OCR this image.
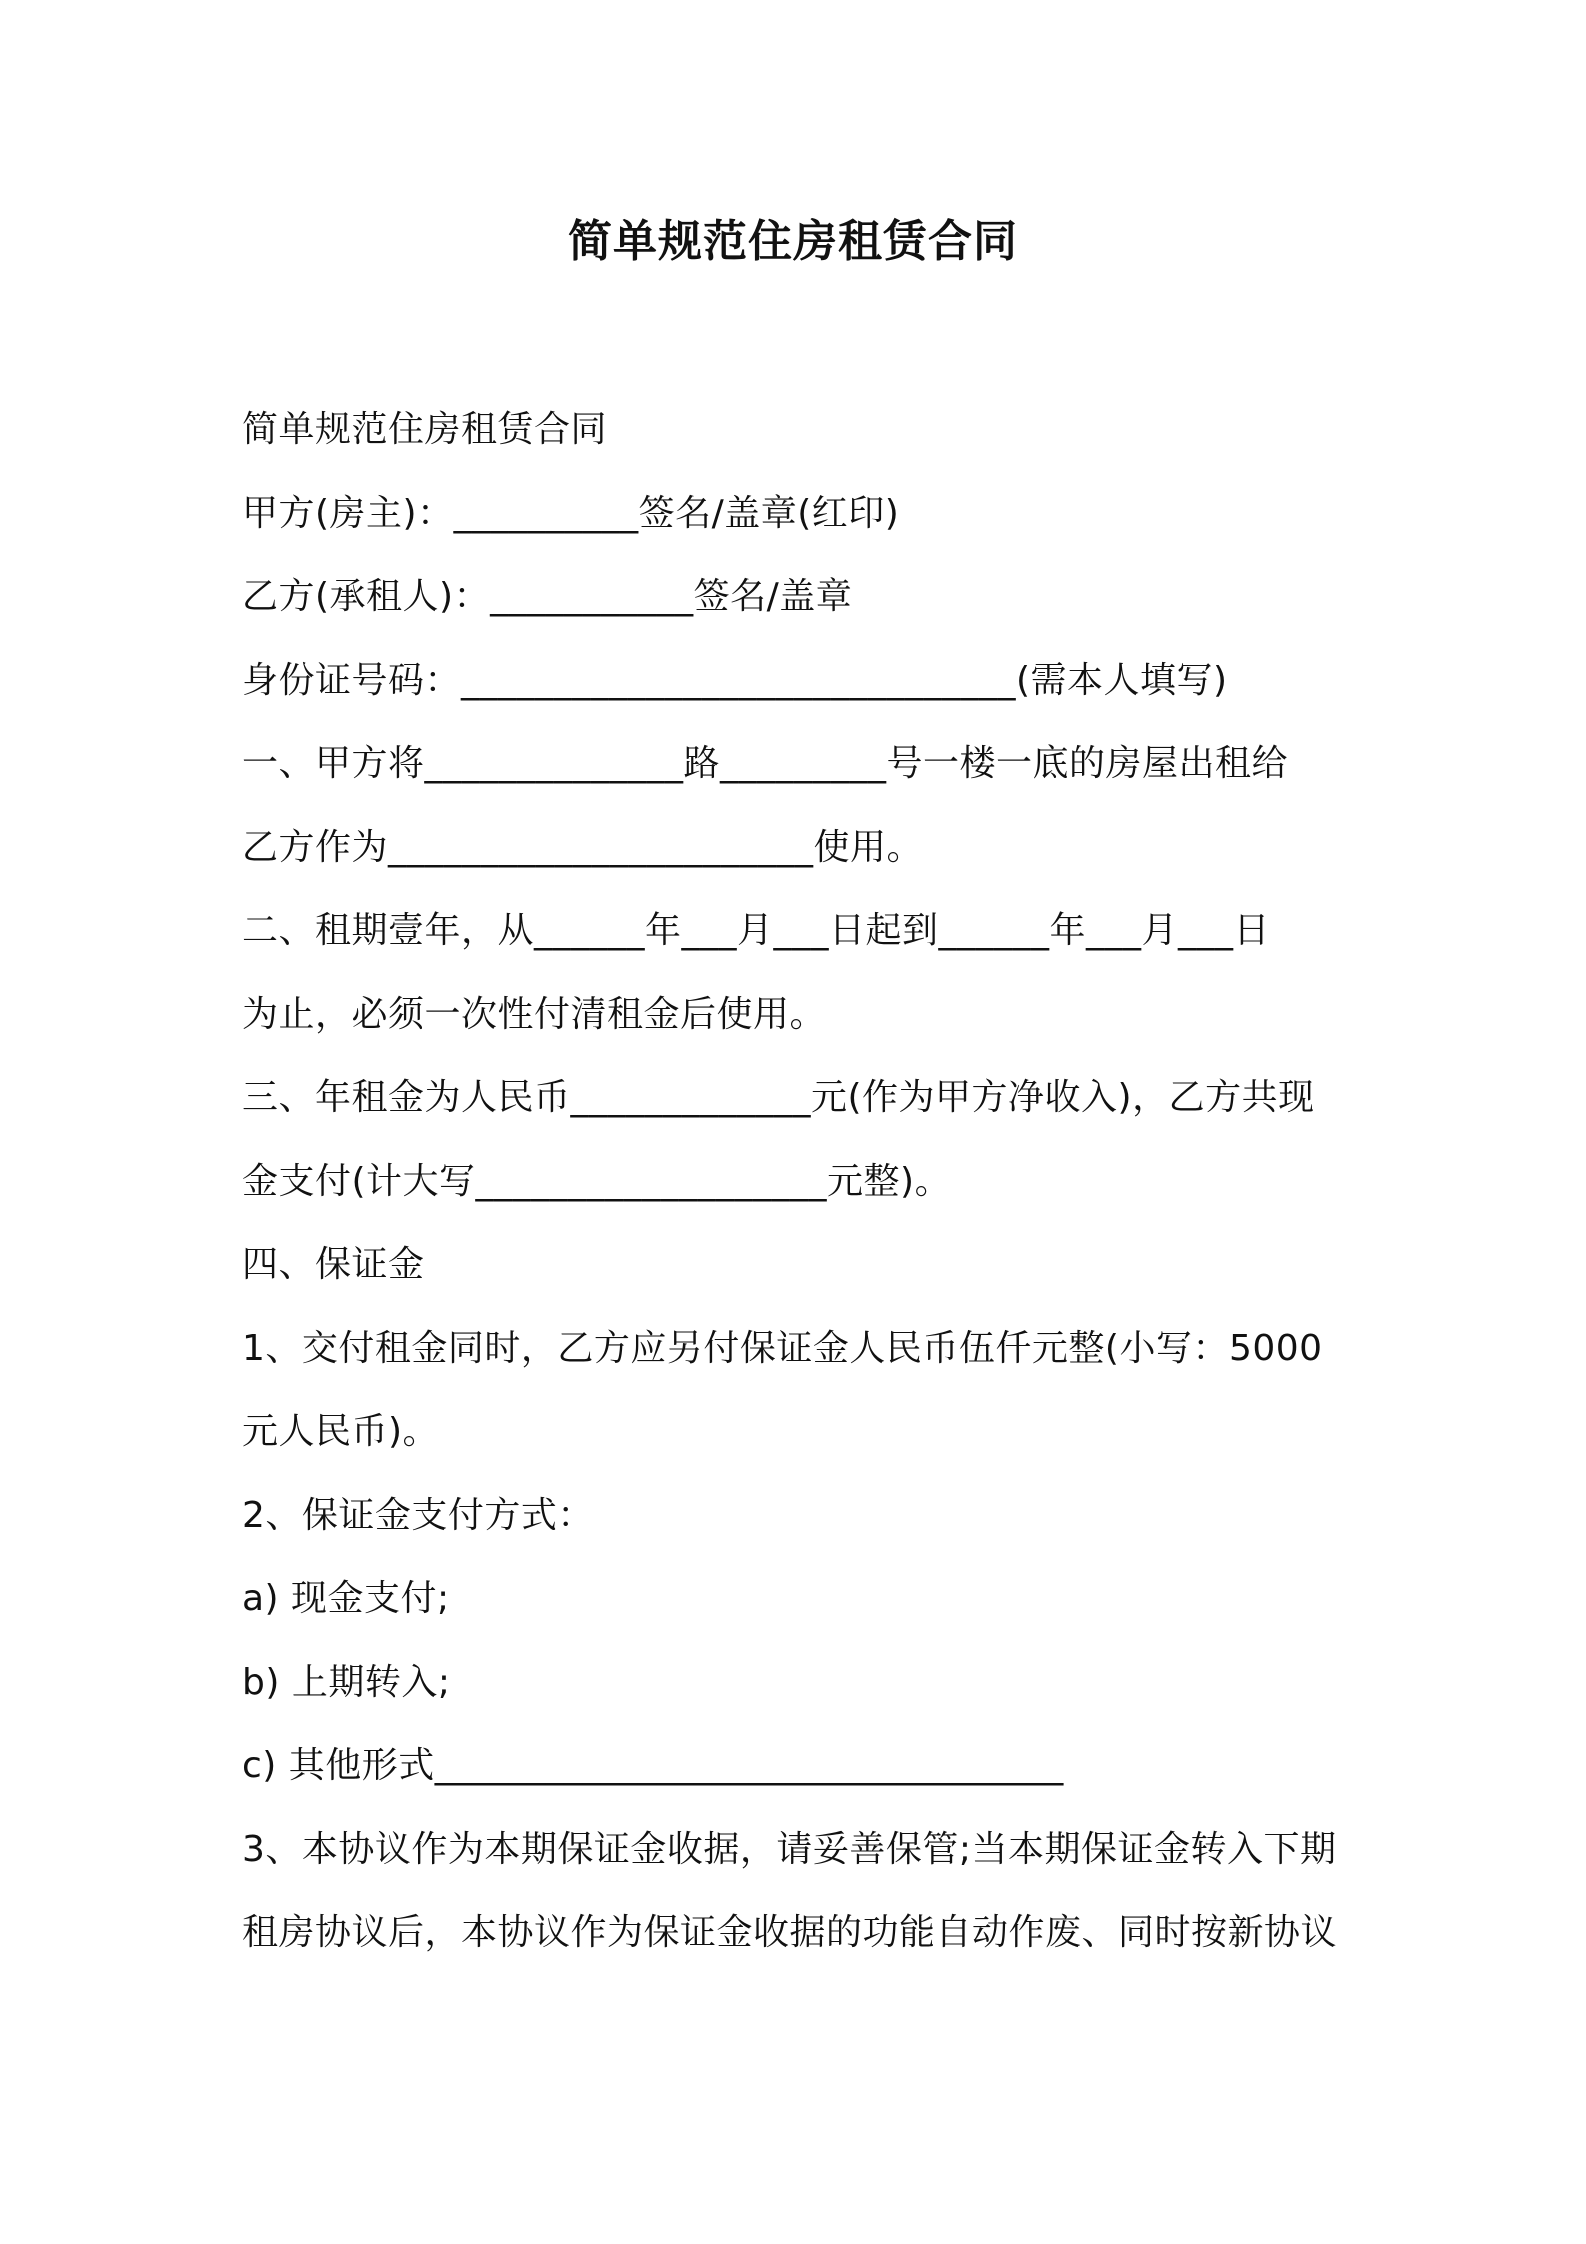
简单规范住房租赁合同
简单规范住房租赁合同
甲方(房主)：__________签名/盖章(红印)
乙方(承租人)：___________签名/盖章
身份证号码：______________________________(需本人填写)
一、甲方将______________路_________号一楼一底的房屋出租给
乙方作为_______________________使用。
二、租期壹年，从______年___月___日起到______年___月___日
为止，必须一次性付清租金后使用。
三、年租金为人民币_____________元(作为甲方净收入)，乙方共现
金支付(计大写___________________元整)。
四、保证金
1、交付租金同时，乙方应另付保证金人民币伍仟元整(小写：5000
元人民币)。
2、保证金支付方式：
a) 现金支付;
b) 上期转入;
c) 其他形式__________________________________
3、本协议作为本期保证金收据，请妥善保管;当本期保证金转入下期
租房协议后，本协议作为保证金收据的功能自动作废、同时按新协议
